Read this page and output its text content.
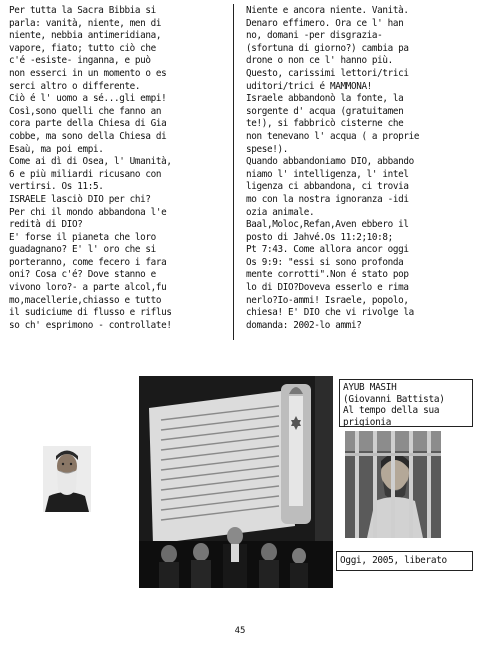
Per tutta la Sacra Bibbia si
parla: vanità, niente, men di
niente, nebbia antimeridiana,
vapore, fiato; tutto ciò che
c'é -esiste- inganna, e può
non esserci in un momento o es
serci altro o differente.
Ciò é l' uomo a sé...gli empi!
Così,sono quelli che fanno an
cora parte della Chiesa di Gia
cobbe, ma sono della Chiesa di
Esaù, ma poi empi.
Come ai dì di Osea, l' Umanità,
6 e più miliardi ricusano con
vertirsi. Os 11:5.
ISRAELE lasciò DIO per chi?
Per chi il mondo abbandona l'e
redità di DIO?
E' forse il pianeta che loro
guadagnano? E' l' oro che si
porteranno, come fecero i fara
oni? Cosa c'é? Dove stanno e
vivono loro?- a parte alcol,fu
mo,macellerie,chiasso e tutto
il sudiciume di flusso e riflus
so ch' esprimono - controllate!
Niente e ancora niente. Vanità.
Denaro effimero. Ora ce l' han
no, domani -per disgrazia-
(sfortuna di giorno?) cambia pa
drone o non ce l' hanno più.
Questo, carissimi lettori/trici
uditori/trici é MAMMONA!
Israele abbandonò la fonte, la
sorgente d' acqua (gratuitamen
te!), si fabbricò cisterne che
non tenevano l' acqua ( a proprie
spese!).
Quando abbandoniamo DIO, abbando
niamo l' intelligenza, l' intel
ligenza ci abbandona, ci trovia
mo con la nostra ignoranza -idi
ozia animale.
Baal,Moloc,Refan,Aven ebbero il
posto di Jahvé.Os 11:2;10:8;
Pt 7:43. Come allora ancor oggi
Os 9:9: "essi si sono profonda
mente corrotti".Non é stato pop
lo di DIO?Doveva esserlo e rima
nerlo?Io-ammi! Israele, popolo,
chiesa! E' DIO che vi rivolge la
domanda: 2002-lo ammi?
AYUB MASIH
(Giovanni Battista)
Al tempo della sua
prigionia
Oggi, 2005, liberato
45
